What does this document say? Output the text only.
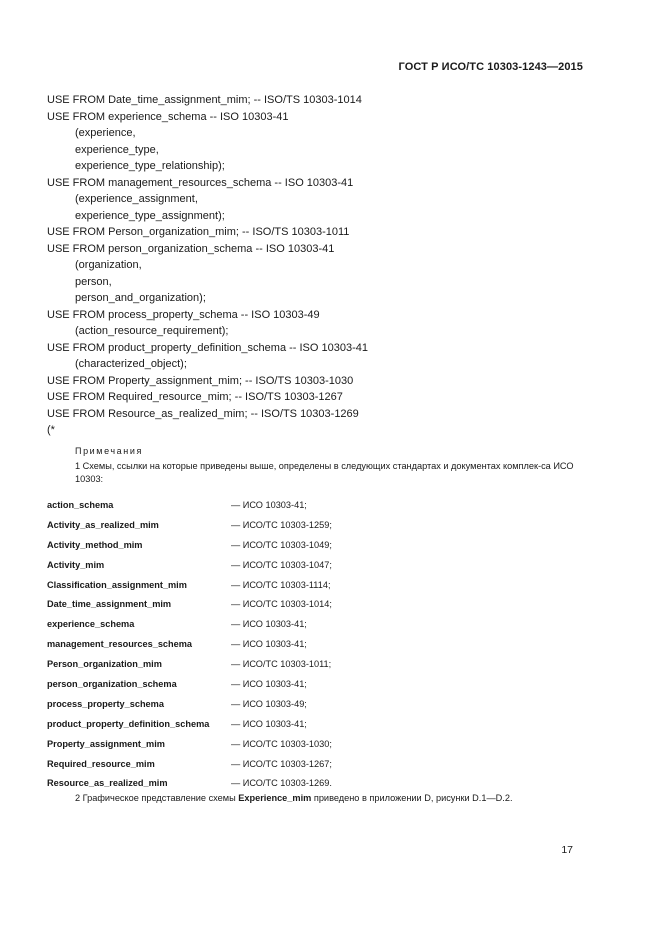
ГОСТ Р ИСО/ТС 10303-1243—2015
USE FROM Date_time_assignment_mim; -- ISO/TS 10303-1014
USE FROM experience_schema -- ISO 10303-41
(experience,
experience_type,
experience_type_relationship);
USE FROM management_resources_schema -- ISO 10303-41
(experience_assignment,
experience_type_assignment);
USE FROM Person_organization_mim; -- ISO/TS 10303-1011
USE FROM person_organization_schema -- ISO 10303-41
(organization,
person,
person_and_organization);
USE FROM process_property_schema -- ISO 10303-49
(action_resource_requirement);
USE FROM product_property_definition_schema -- ISO 10303-41
(characterized_object);
USE FROM Property_assignment_mim; -- ISO/TS 10303-1030
USE FROM Required_resource_mim; -- ISO/TS 10303-1267
USE FROM Resource_as_realized_mim; -- ISO/TS 10303-1269
(*
Примечания
1 Схемы, ссылки на которые приведены выше, определены в следующих стандартах и документах комплек-са ИСО 10303:
action_schema	— ИСО 10303-41;
Activity_as_realized_mim	— ИСО/ТС 10303-1259;
Activity_method_mim	— ИСО/ТС 10303-1049;
Activity_mim	— ИСО/ТС 10303-1047;
Classification_assignment_mim	— ИСО/ТС 10303-1114;
Date_time_assignment_mim	— ИСО/ТС 10303-1014;
experience_schema	— ИСО 10303-41;
management_resources_schema	— ИСО 10303-41;
Person_organization_mim	— ИСО/ТС 10303-1011;
person_organization_schema	— ИСО 10303-41;
process_property_schema	— ИСО 10303-49;
product_property_definition_schema	— ИСО 10303-41;
Property_assignment_mim	— ИСО/ТС 10303-1030;
Required_resource_mim	— ИСО/ТС 10303-1267;
Resource_as_realized_mim	— ИСО/ТС 10303-1269.
2 Графическое представление схемы Experience_mim приведено в приложении D, рисунки D.1—D.2.
17
